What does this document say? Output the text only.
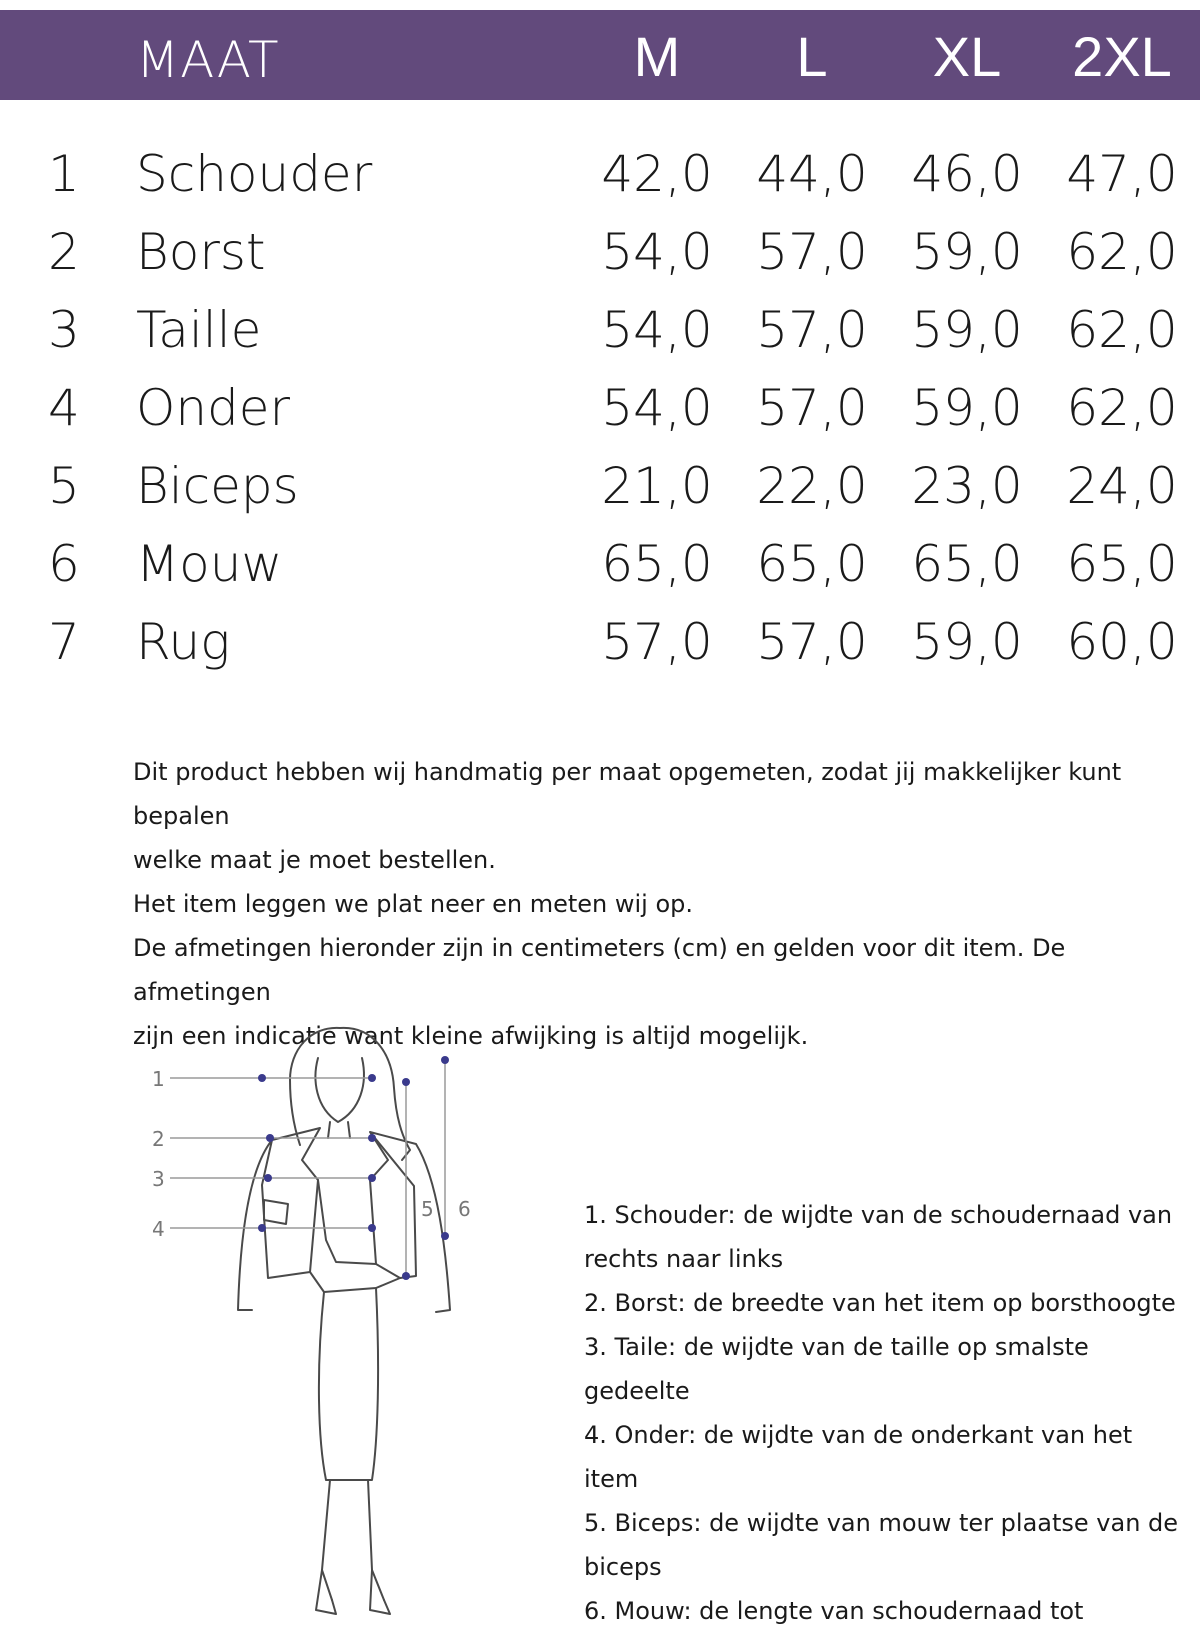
MAAT	M	L	XL	2XL
1 Schouder	42,0 44,0 46,0 47,0
2 Borst	54,0 57,0 59,0 62,0
3 Taille	54,0 57,0 59,0 62,0
4 Onder	54,0 57,0 59,0 62,0
5 Biceps	21,0 22,0 23,0 24,0
6 Mouw	65,0 65,0 65,0 65,0
7 Rug	57,0 57,0 59,0 60,0

Dit product hebben wij handmatig per maat opgemeten, zodat jij makkelijker kunt bepalen

welke maat je moet bestellen.

Het item leggen we plat neer en meten wij op.

De afmetingen hieronder zijn in centimeters (cm) en gelden voor dit item. De afmetingen

zijn een indicatie want kleine afwijking is altijd mogelijk.

1
2
3
4
5 6	1. Schouder: de wijdte van de schoudernaad van

rechts naar links

2. Borst: de breedte van het item op borsthoogte

3. Taile: de wijdte van de taille op smalste gedeelte

4. Onder: de wijdte van de onderkant van het item

5. Biceps: de wijdte van mouw ter plaatse van de

biceps

6. Mouw: de lengte van schoudernaad tot
